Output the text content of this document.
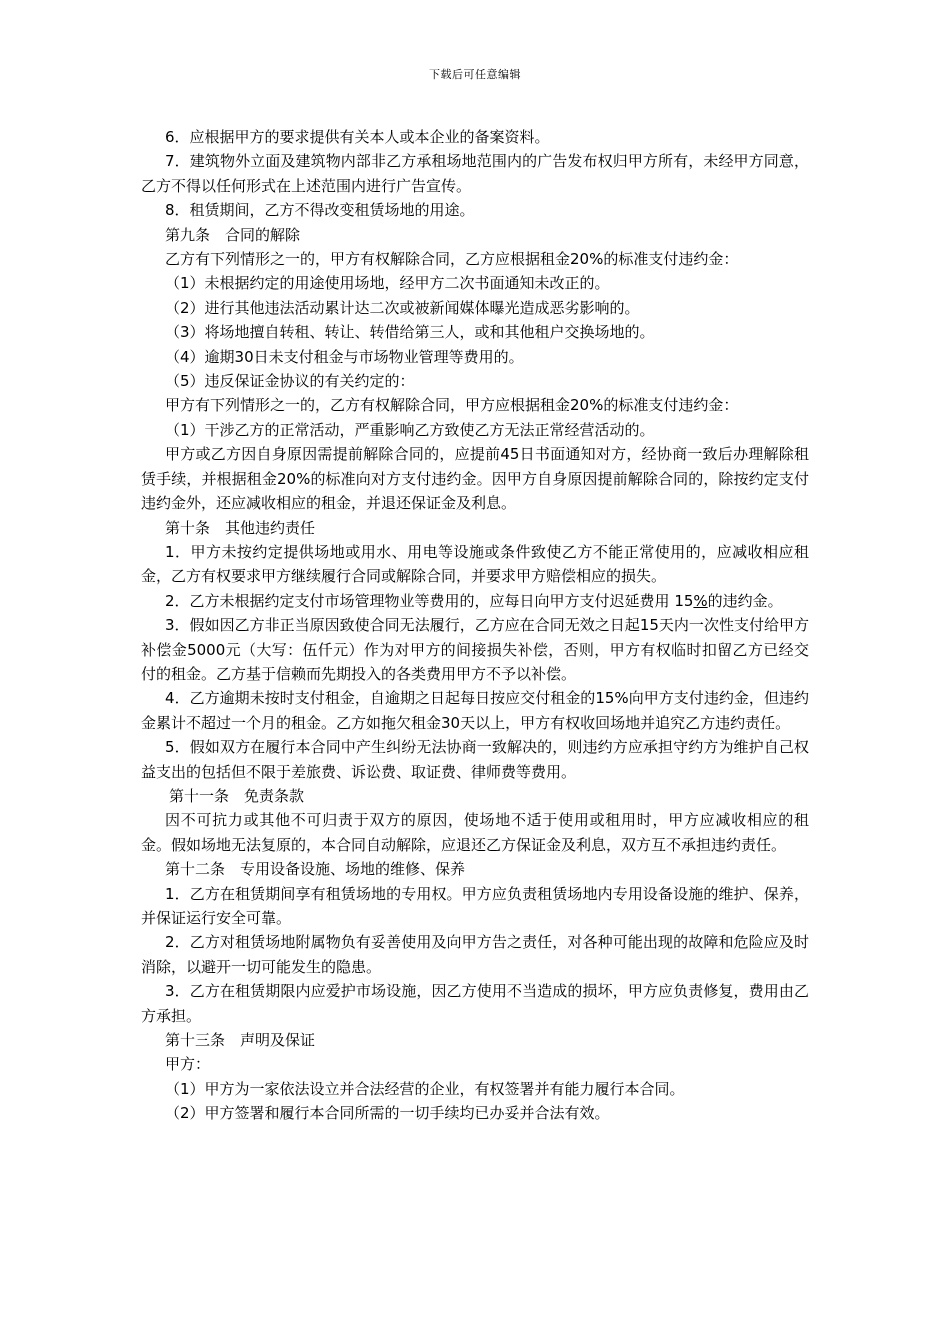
下载后可任意编辑

6．应根据甲方的要求提供有关本人或本企业的备案资料。

7．建筑物外立面及建筑物内部非乙方承租场地范围内的广告发布权归甲方所有，未经甲方同意，乙方不得以任何形式在上述范围内进行广告宣传。

8．租赁期间，乙方不得改变租赁场地的用途。

第九条　合同的解除

乙方有下列情形之一的，甲方有权解除合同，乙方应根据租金20%的标准支付违约金：

（1）未根据约定的用途使用场地，经甲方二次书面通知未改正的。

（2）进行其他违法活动累计达二次或被新闻媒体曝光造成恶劣影响的。

（3）将场地擅自转租、转让、转借给第三人，或和其他租户交换场地的。

（4）逾期30日未支付租金与市场物业管理等费用的。

（5）违反保证金协议的有关约定的：

甲方有下列情形之一的，乙方有权解除合同，甲方应根据租金20%的标准支付违约金：

（1）干涉乙方的正常活动，严重影响乙方致使乙方无法正常经营活动的。

甲方或乙方因自身原因需提前解除合同的，应提前45日书面通知对方，经协商一致后办理解除租赁手续，并根据租金20%的标准向对方支付违约金。因甲方自身原因提前解除合同的，除按约定支付违约金外，还应减收相应的租金，并退还保证金及利息。

第十条　其他违约责任

1．甲方未按约定提供场地或用水、用电等设施或条件致使乙方不能正常使用的，应减收相应租金，乙方有权要求甲方继续履行合同或解除合同，并要求甲方赔偿相应的损失。

2．乙方未根据约定支付市场管理物业等费用的，应每日向甲方支付迟延费用 15%的违约金。

3．假如因乙方非正当原因致使合同无法履行，乙方应在合同无效之日起15天内一次性支付给甲方补偿金5000元（大写：伍仟元）作为对甲方的间接损失补偿，否则，甲方有权临时扣留乙方已经交付的租金。乙方基于信赖而先期投入的各类费用甲方不予以补偿。

4．乙方逾期未按时支付租金，自逾期之日起每日按应交付租金的15%向甲方支付违约金，但违约金累计不超过一个月的租金。乙方如拖欠租金30天以上，甲方有权收回场地并追究乙方违约责任。

5．假如双方在履行本合同中产生纠纷无法协商一致解决的，则违约方应承担守约方为维护自己权益支出的包括但不限于差旅费、诉讼费、取证费、律师费等费用。

第十一条　免责条款

因不可抗力或其他不可归责于双方的原因，使场地不适于使用或租用时，甲方应减收相应的租金。假如场地无法复原的，本合同自动解除，应退还乙方保证金及利息，双方互不承担违约责任。

第十二条　专用设备设施、场地的维修、保养

1．乙方在租赁期间享有租赁场地的专用权。甲方应负责租赁场地内专用设备设施的维护、保养，并保证运行安全可靠。

2．乙方对租赁场地附属物负有妥善使用及向甲方告之责任，对各种可能出现的故障和危险应及时消除，以避开一切可能发生的隐患。

3．乙方在租赁期限内应爱护市场设施，因乙方使用不当造成的损坏，甲方应负责修复，费用由乙方承担。

第十三条　声明及保证

甲方：

（1）甲方为一家依法设立并合法经营的企业，有权签署并有能力履行本合同。

（2）甲方签署和履行本合同所需的一切手续均已办妥并合法有效。
